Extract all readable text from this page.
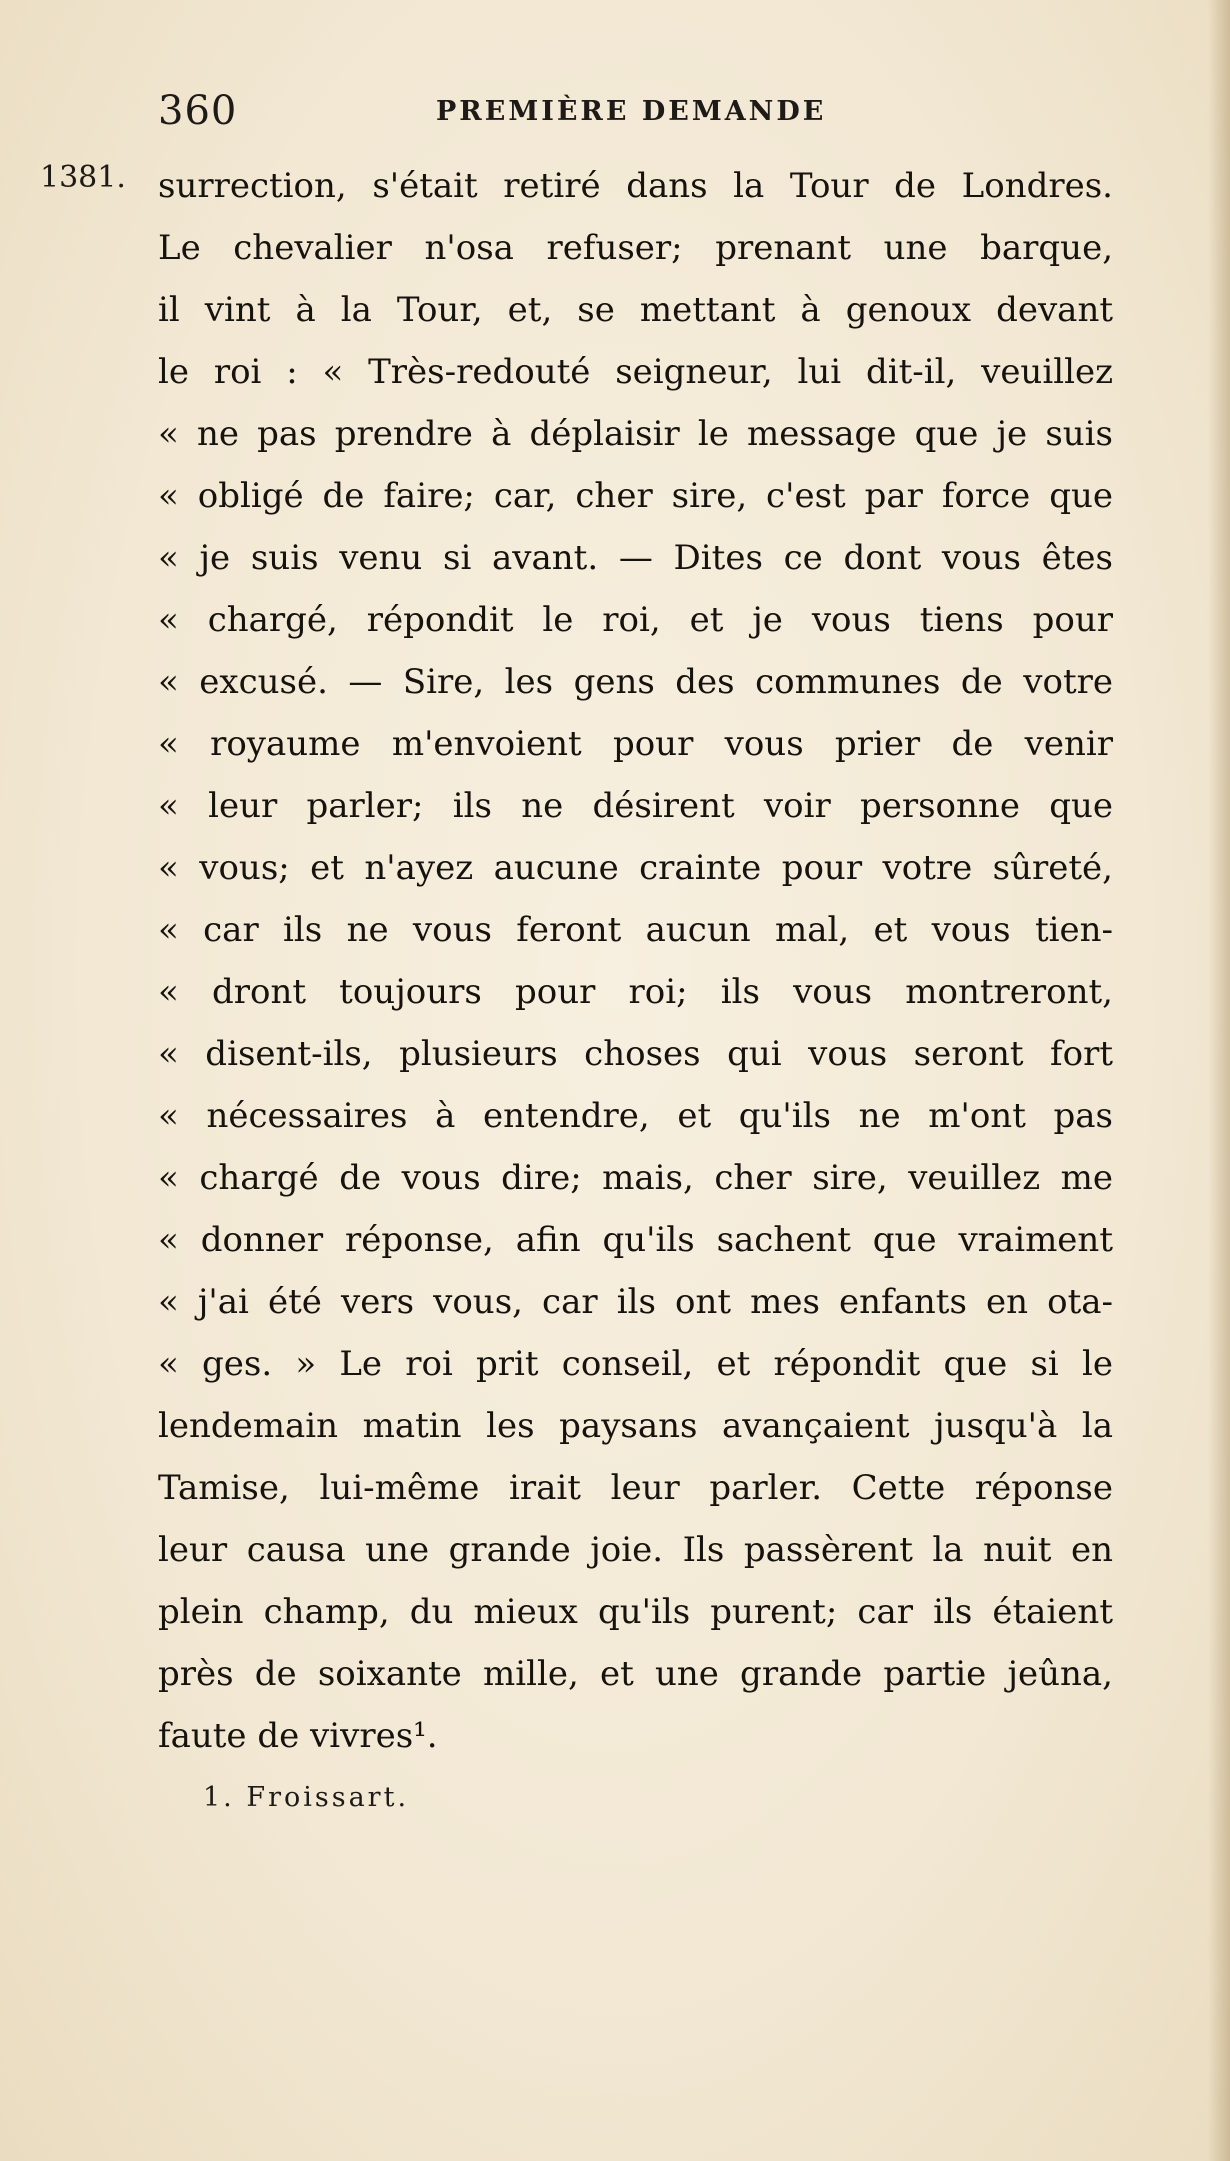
360	PREMIÈRE DEMANDE
1381. surrection, s'était retiré dans la Tour de Londres.
Le chevalier n'osa refuser; prenant une barque,
il vint à la Tour, et, se mettant à genoux devant
le roi : « Très-redouté seigneur, lui dit-il, veuillez
« ne pas prendre à déplaisir le message que je suis
« obligé de faire; car, cher sire, c'est par force que
« je suis venu si avant. — Dites ce dont vous êtes
« chargé, répondit le roi, et je vous tiens pour
« excusé. — Sire, les gens des communes de votre
« royaume m'envoient pour vous prier de venir
« leur parler; ils ne désirent voir personne que
« vous; et n'ayez aucune crainte pour votre sûreté,
« car ils ne vous feront aucun mal, et vous tien-
« dront toujours pour roi; ils vous montreront,
« disent-ils, plusieurs choses qui vous seront fort
« nécessaires à entendre, et qu'ils ne m'ont pas
« chargé de vous dire; mais, cher sire, veuillez me
« donner réponse, afin qu'ils sachent que vraiment
« j'ai été vers vous, car ils ont mes enfants en ota-
« ges. » Le roi prit conseil, et répondit que si le
lendemain matin les paysans avançaient jusqu'à la
Tamise, lui-même irait leur parler. Cette réponse
leur causa une grande joie. Ils passèrent la nuit en
plein champ, du mieux qu'ils purent; car ils étaient
près de soixante mille, et une grande partie jeûna,
faute de vivres¹.
1. Froissart.
